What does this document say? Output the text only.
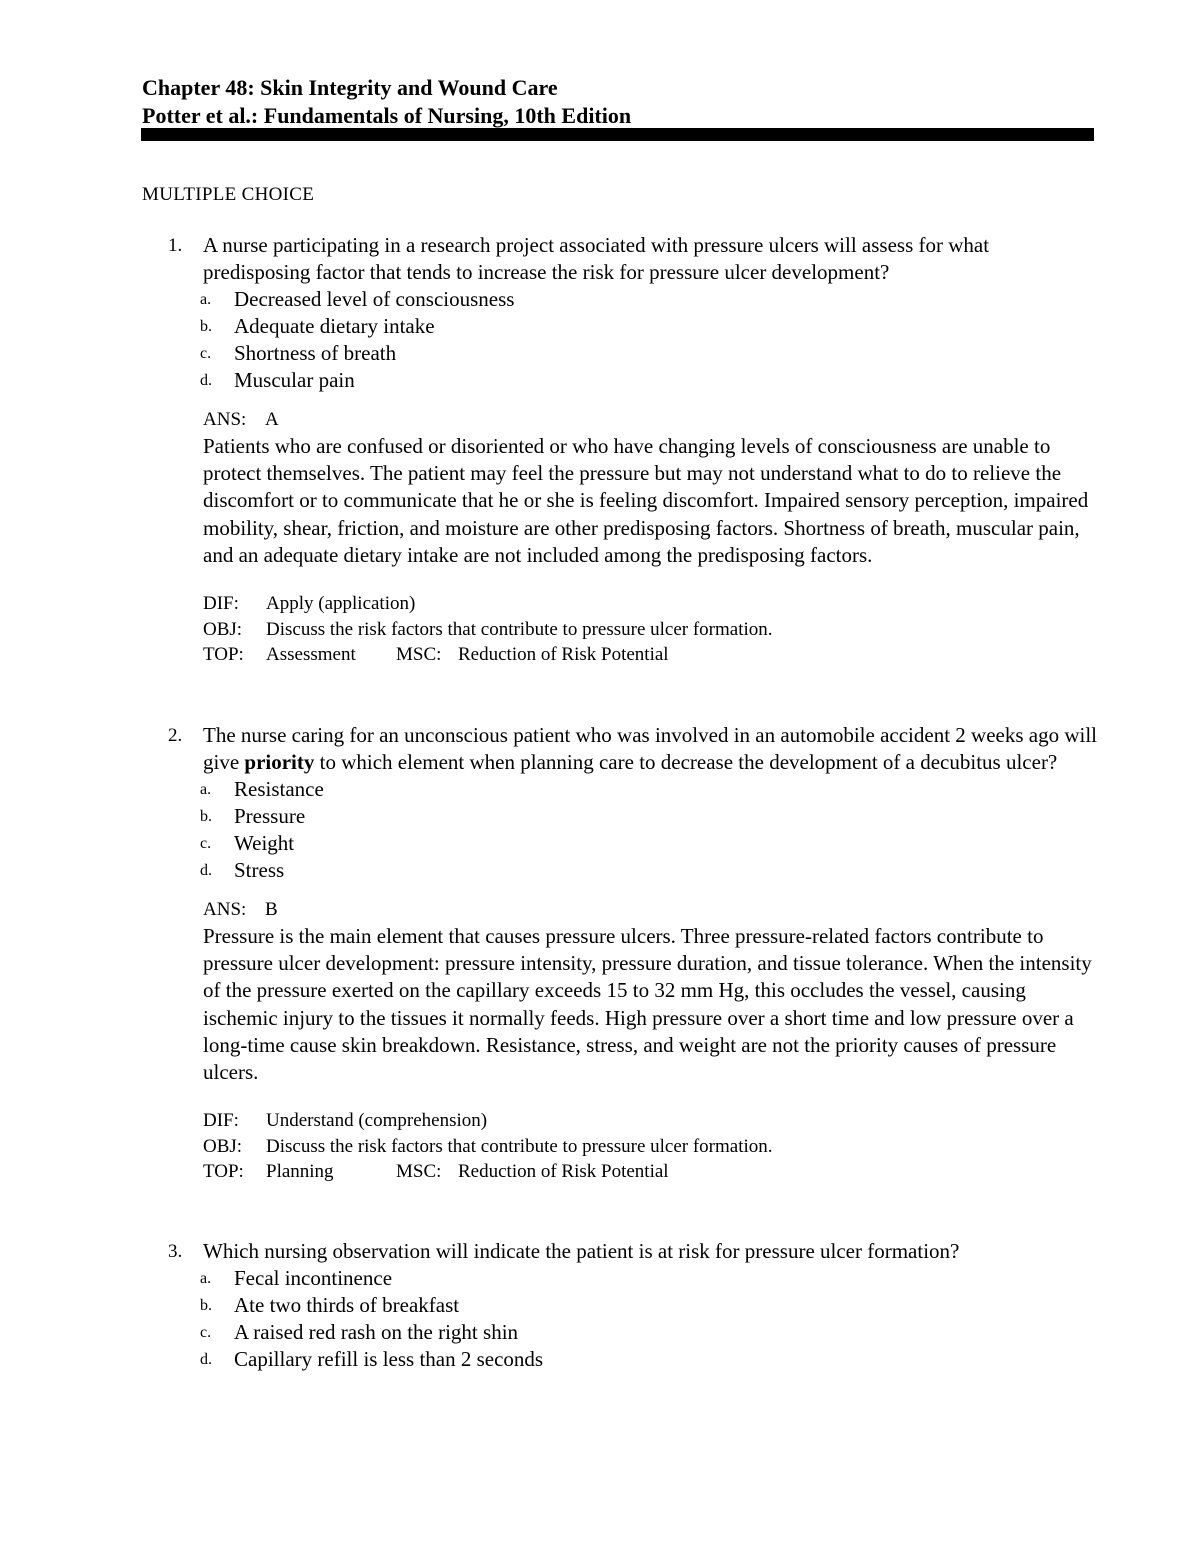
Chapter 48: Skin Integrity and Wound Care
Potter et al.: Fundamentals of Nursing, 10th Edition
MULTIPLE CHOICE
1. A nurse participating in a research project associated with pressure ulcers will assess for what predisposing factor that tends to increase the risk for pressure ulcer development?
a. Decreased level of consciousness
b. Adequate dietary intake
c. Shortness of breath
d. Muscular pain
ANS: A
Patients who are confused or disoriented or who have changing levels of consciousness are unable to protect themselves. The patient may feel the pressure but may not understand what to do to relieve the discomfort or to communicate that he or she is feeling discomfort. Impaired sensory perception, impaired mobility, shear, friction, and moisture are other predisposing factors. Shortness of breath, muscular pain, and an adequate dietary intake are not included among the predisposing factors.
DIF: Apply (application)
OBJ: Discuss the risk factors that contribute to pressure ulcer formation.
TOP: Assessment MSC: Reduction of Risk Potential
2. The nurse caring for an unconscious patient who was involved in an automobile accident 2 weeks ago will give priority to which element when planning care to decrease the development of a decubitus ulcer?
a. Resistance
b. Pressure
c. Weight
d. Stress
ANS: B
Pressure is the main element that causes pressure ulcers. Three pressure-related factors contribute to pressure ulcer development: pressure intensity, pressure duration, and tissue tolerance. When the intensity of the pressure exerted on the capillary exceeds 15 to 32 mm Hg, this occludes the vessel, causing ischemic injury to the tissues it normally feeds. High pressure over a short time and low pressure over a long-time cause skin breakdown. Resistance, stress, and weight are not the priority causes of pressure ulcers.
DIF: Understand (comprehension)
OBJ: Discuss the risk factors that contribute to pressure ulcer formation.
TOP: Planning	MSC: Reduction of Risk Potential
3. Which nursing observation will indicate the patient is at risk for pressure ulcer formation?
a. Fecal incontinence
b. Ate two thirds of breakfast
c. A raised red rash on the right shin
d. Capillary refill is less than 2 seconds
